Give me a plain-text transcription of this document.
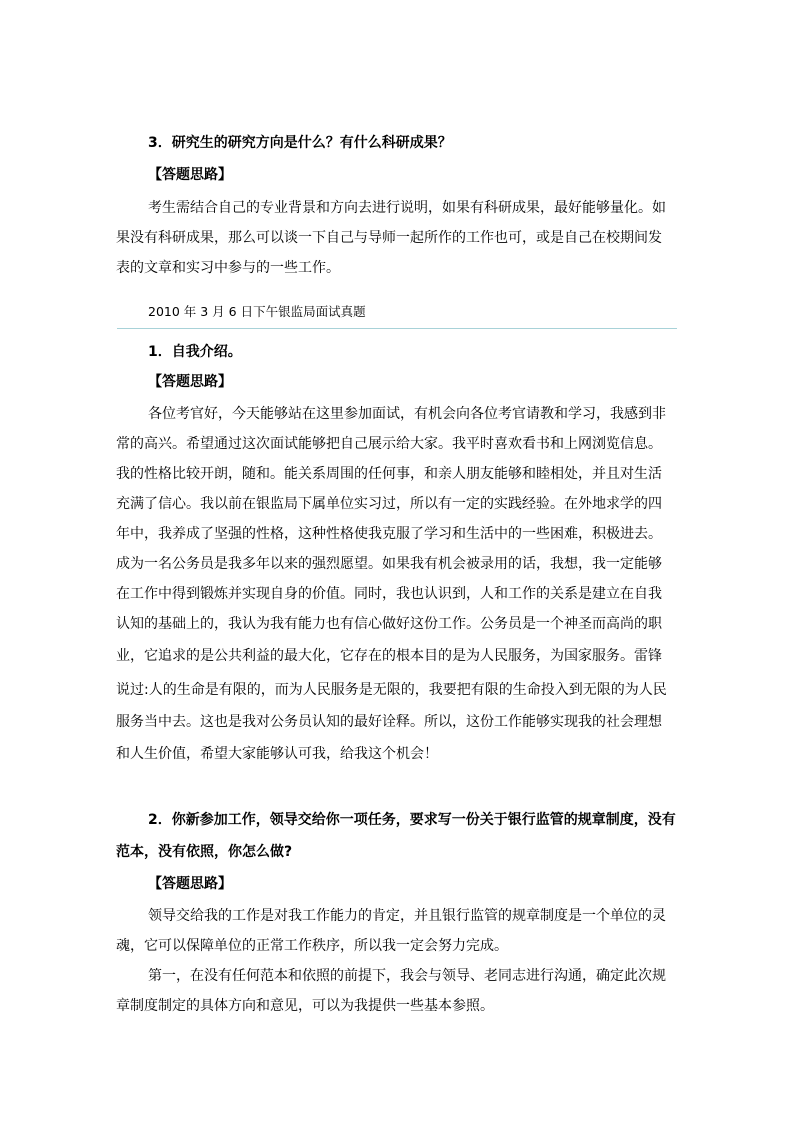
3．研究生的研究方向是什么？有什么科研成果？
【答题思路】
考生需结合自己的专业背景和方向去进行说明，如果有科研成果，最好能够量化。如
果没有科研成果，那么可以谈一下自己与导师一起所作的工作也可，或是自己在校期间发
表的文章和实习中参与的一些工作。
2010 年 3 月 6 日下午银监局面试真题
1．自我介绍。
【答题思路】
各位考官好，今天能够站在这里参加面试，有机会向各位考官请教和学习，我感到非
常的高兴。希望通过这次面试能够把自己展示给大家。我平时喜欢看书和上网浏览信息。
我的性格比较开朗，随和。能关系周围的任何事，和亲人朋友能够和睦相处，并且对生活
充满了信心。我以前在银监局下属单位实习过，所以有一定的实践经验。在外地求学的四
年中，我养成了坚强的性格，这种性格使我克服了学习和生活中的一些困难，积极进去。
成为一名公务员是我多年以来的强烈愿望。如果我有机会被录用的话，我想，我一定能够
在工作中得到锻炼并实现自身的价值。同时，我也认识到，人和工作的关系是建立在自我
认知的基础上的，我认为我有能力也有信心做好这份工作。公务员是一个神圣而高尚的职
业，它追求的是公共利益的最大化，它存在的根本目的是为人民服务，为国家服务。雷锋
说过:人的生命是有限的，而为人民服务是无限的，我要把有限的生命投入到无限的为人民
服务当中去。这也是我对公务员认知的最好诠释。所以，这份工作能够实现我的社会理想
和人生价值，希望大家能够认可我，给我这个机会！
2．你新参加工作，领导交给你一项任务，要求写一份关于银行监管的规章制度，没有
范本，没有依照，你怎么做?
【答题思路】
领导交给我的工作是对我工作能力的肯定，并且银行监管的规章制度是一个单位的灵
魂，它可以保障单位的正常工作秩序，所以我一定会努力完成。
第一，在没有任何范本和依照的前提下，我会与领导、老同志进行沟通，确定此次规
章制度制定的具体方向和意见，可以为我提供一些基本参照。
